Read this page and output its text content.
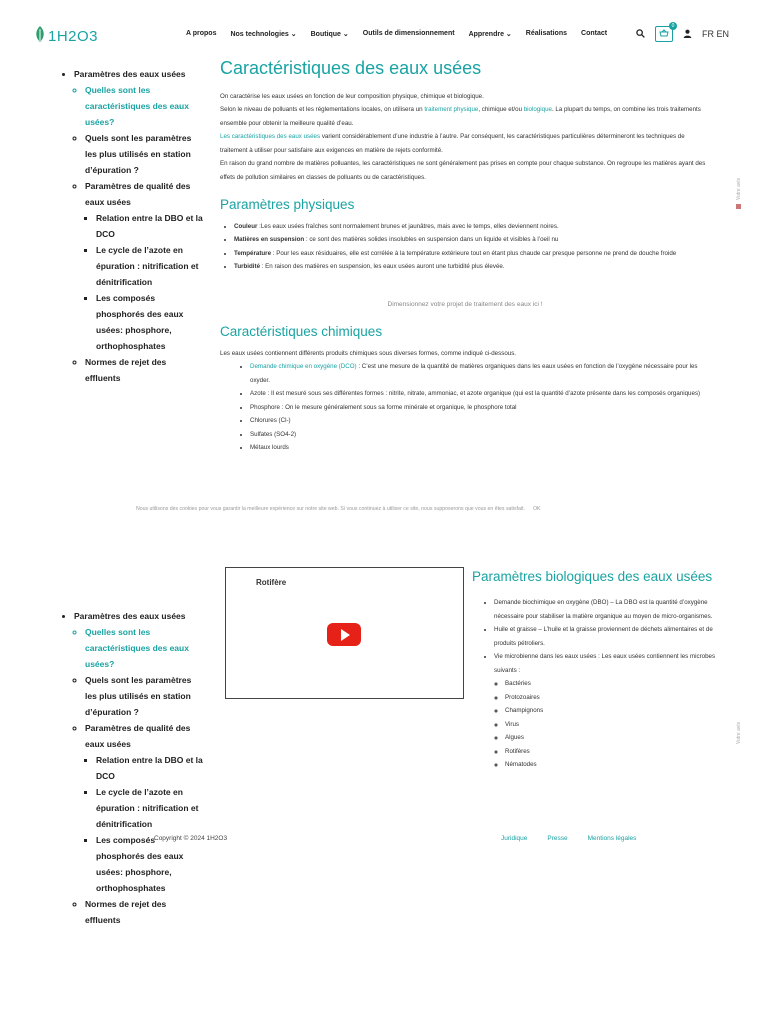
1H2O3	A propos Nos technologies ⌄ Boutique ⌄ Outils de dimensionnement Apprendre ⌄ Réalisations Contact
0
FR EN
• Paramètres des eaux usées
◦ Quelles sont les caractéristiques des eaux usées?
◦ Quels sont les paramètres les plus utilisés en station d’épuration ?
◦ Paramètres de qualité des eaux usées
▪ Relation entre la DBO et la DCO
▪ Le cycle de l’azote en épuration : nitrification et dénitrification
▪ Les composés phosphorés des eaux usées: phosphore, orthophosphates
◦ Normes de rejet des effluents
Caractéristiques des eaux usées

On caractérise les eaux usées en fonction de leur composition physique, chimique et biologique.

Selon le niveau de polluants et les réglementations locales, on utilisera un traitement physique, chimique et/ou biologique. La plupart du temps, on combine les trois traitements ensemble pour obtenir la meilleure qualité d’eau.

Les caractéristiques des eaux usées varient considérablement d’une industrie à l’autre. Par conséquent, les caractéristiques particulières détermineront les techniques de traitement à utiliser pour satisfaire aux exigences en matière de rejets conformité.

En raison du grand nombre de matières polluantes, les caractéristiques ne sont généralement pas prises en compte pour chaque substance. On regroupe les matières ayant des effets de pollution similaires en classes de polluants ou de caractéristiques.

Paramètres physiques
• Couleur :Les eaux usées fraîches sont normalement brunes et jaunâtres, mais avec le temps, elles deviennent noires.
• Matières en suspension : ce sont des matières solides insolubles en suspension dans un liquide et visibles à l’oeil nu
• Température : Pour les eaux résiduaires, elle est corrélée à la température extérieure tout en étant plus chaude car presque personne ne prend de douche froide
• Turbidité : En raison des matières en suspension, les eaux usées auront une turbidité plus élevée.
Dimensionnez votre projet de traitement des eaux ici !
Caractéristiques chimiques

Les eaux usées contiennent différents produits chimiques sous diverses formes, comme indiqué ci-dessous.

• Demande chimique en oxygène (DCO) : C’est une mesure de la quantité de matières organiques dans les eaux usées en fonction de l’oxygène nécessaire pour les oxyder.
• Azote : Il est mesuré sous ses différentes formes : nitrite, nitrate, ammoniac, et azote organique (qui est la quantité d’azote présente dans les composés organiques)
• Phosphore : On le mesure généralement sous sa forme minérale et organique, le phosphore total
• Chlorures (Cl-)
• Sulfates (SO4-2)
• Métaux lourds
Votre avis
Votre avis
Nous utilisons des cookies pour vous garantir la meilleure expérience sur notre site web. Si vous continuez à utiliser ce site, nous supposerons que vous en êtes satisfait. OK
Rotifère	Paramètres biologiques des eaux usées
• Demande biochimique en oxygène (DBO) – La DBO est la quantité d’oxygène nécessaire pour stabiliser la matière organique au moyen de micro-organismes.
• Huile et graisse – L’huile et la graisse proviennent de déchets alimentaires et de produits pétroliers.
• Vie microbienne dans les eaux usées : Les eaux usées contiennent les microbes suivants :
◦ Bactéries
◦ Protozoaires
◦ Champignons
◦ Virus
◦ Algues
◦ Rotifères
◦ Nématodes
• Paramètres des eaux usées
◦ Quelles sont les caractéristiques des eaux usées?
◦ Quels sont les paramètres les plus utilisés en station d’épuration ?
◦ Paramètres de qualité des eaux usées
▪ Relation entre la DBO et la DCO
▪ Le cycle de l’azote en épuration : nitrification et dénitrification
▪ Les composés phosphorés des eaux usées: phosphore, orthophosphates
◦ Normes de rejet des effluents
Copyright © 2024 1H2O3	Juridique	Presse	Mentions légales
